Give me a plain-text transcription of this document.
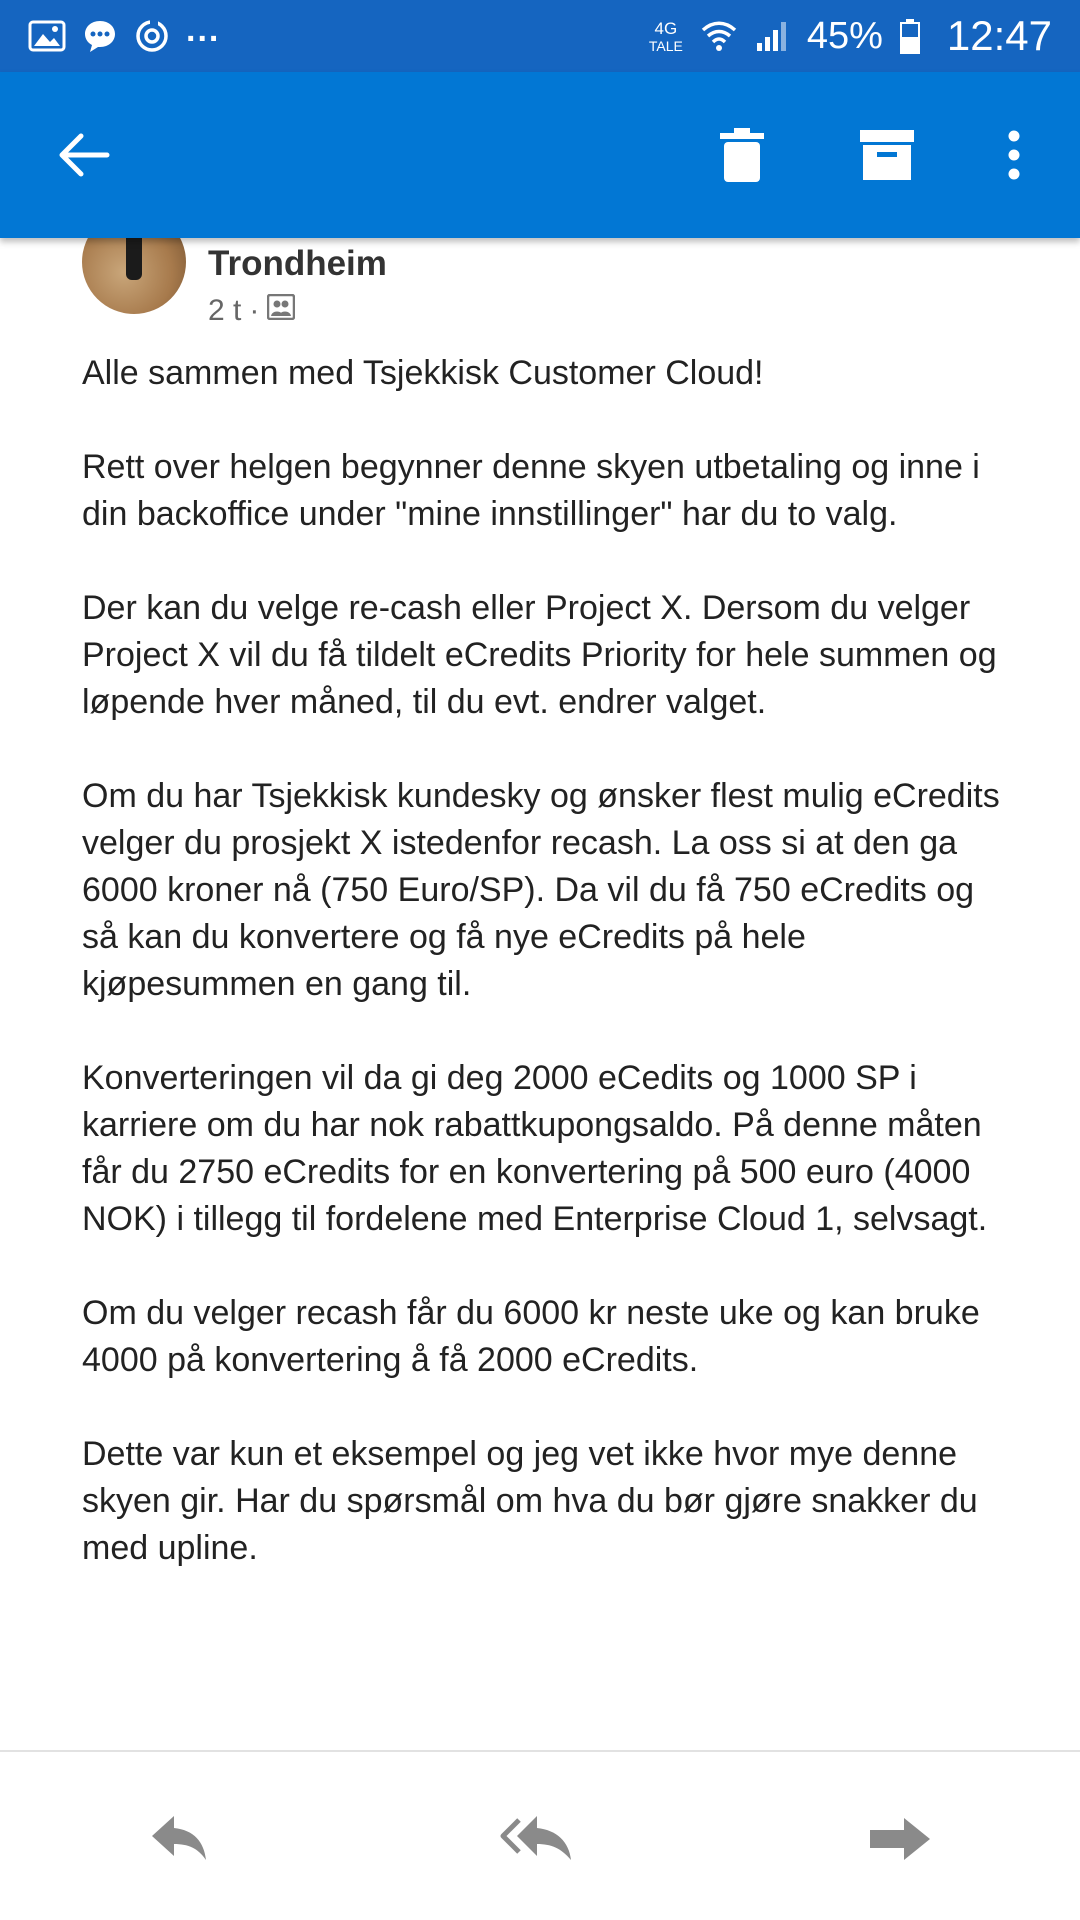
...	4G
TALE	45% 12:47
Trondheim
2 t ·

Alle sammen med Tsjekkisk Customer Cloud!

Rett over helgen begynner denne skyen utbetaling og inne i din backoffice under "mine innstillinger" har du to valg.

Der kan du velge re-cash eller Project X. Dersom du velger Project X vil du få tildelt eCredits Priority for hele summen og løpende hver måned, til du evt. endrer valget.

Om du har Tsjekkisk kundesky og ønsker flest mulig eCredits velger du prosjekt X istedenfor recash. La oss si at den ga 6000 kroner nå (750 Euro/SP). Da vil du få 750 eCredits og så kan du konvertere og få nye eCredits på hele kjøpesummen en gang til.

Konverteringen vil da gi deg 2000 eCedits og 1000 SP i karriere om du har nok rabattkupongsaldo. På denne måten får du 2750 eCredits for en konvertering på 500 euro (4000 NOK) i tillegg til fordelene med Enterprise Cloud 1, selvsagt.

Om du velger recash får du 6000 kr neste uke og kan bruke 4000 på konvertering å få 2000 eCredits.

Dette var kun et eksempel og jeg vet ikke hvor mye denne skyen gir. Har du spørsmål om hva du bør gjøre snakker du med upline.
